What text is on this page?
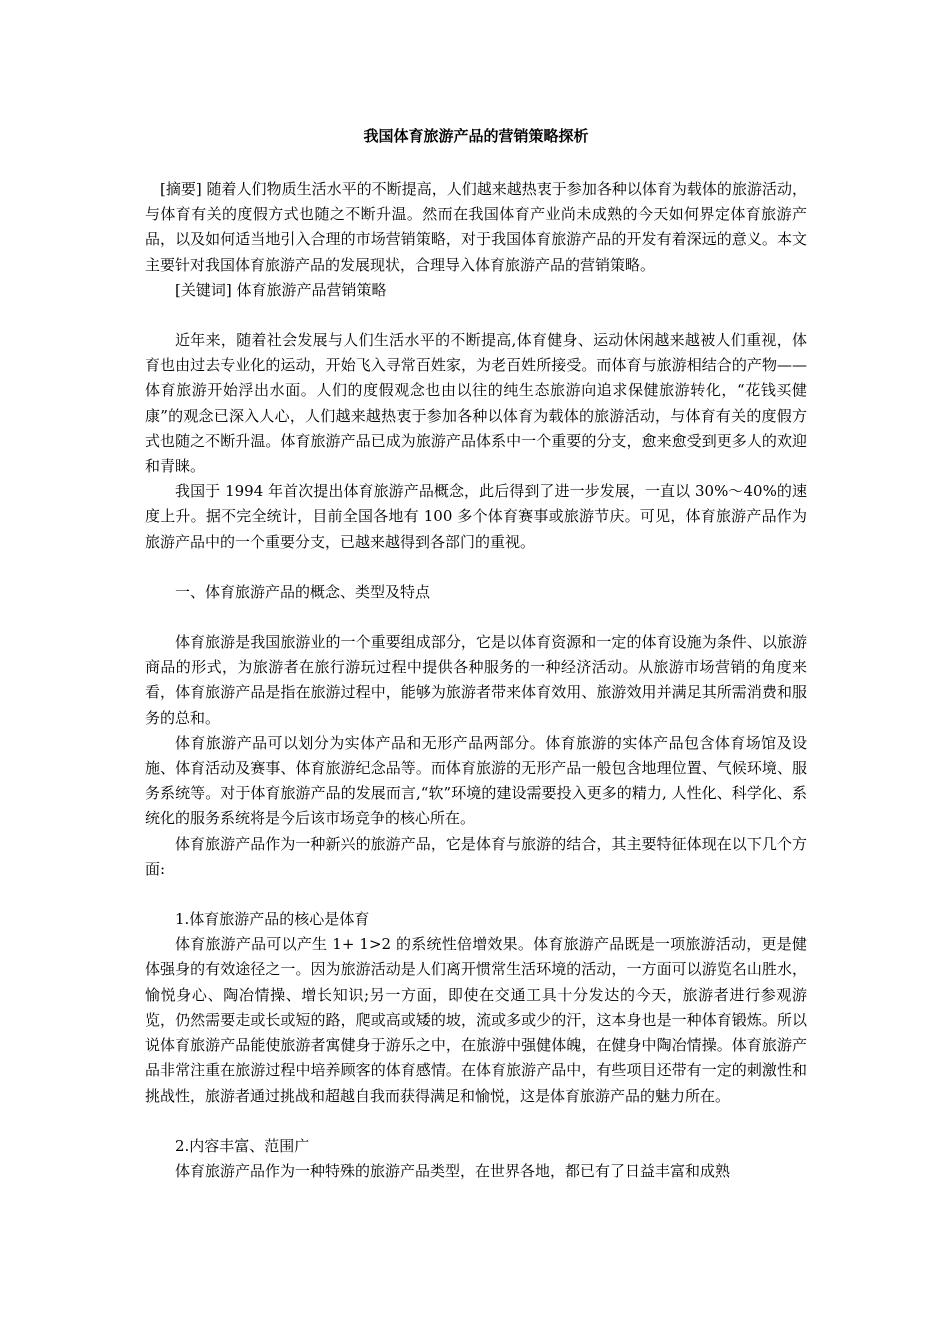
我国体育旅游产品的营销策略探析

[摘要] 随着人们物质生活水平的不断提高，人们越来越热衷于参加各种以体育为载体的旅游活动，与体育有关的度假方式也随之不断升温。然而在我国体育产业尚未成熟的今天如何界定体育旅游产品，以及如何适当地引入合理的市场营销策略，对于我国体育旅游产品的开发有着深远的意义。本文主要针对我国体育旅游产品的发展现状，合理导入体育旅游产品的营销策略。

[关键词] 体育旅游产品营销策略

近年来，随着社会发展与人们生活水平的不断提高,体育健身、运动休闲越来越被人们重视，体育也由过去专业化的运动，开始飞入寻常百姓家，为老百姓所接受。而体育与旅游相结合的产物——体育旅游开始浮出水面。人们的度假观念也由以往的纯生态旅游向追求保健旅游转化，“花钱买健康”的观念已深入人心，人们越来越热衷于参加各种以体育为载体的旅游活动，与体育有关的度假方式也随之不断升温。体育旅游产品已成为旅游产品体系中一个重要的分支，愈来愈受到更多人的欢迎和青睐。

我国于 1994 年首次提出体育旅游产品概念，此后得到了进一步发展，一直以 30%～40%的速度上升。据不完全统计，目前全国各地有 100 多个体育赛事或旅游节庆。可见，体育旅游产品作为旅游产品中的一个重要分支，已越来越得到各部门的重视。

一、体育旅游产品的概念、类型及特点

体育旅游是我国旅游业的一个重要组成部分，它是以体育资源和一定的体育设施为条件、以旅游商品的形式，为旅游者在旅行游玩过程中提供各种服务的一种经济活动。从旅游市场营销的角度来看，体育旅游产品是指在旅游过程中，能够为旅游者带来体育效用、旅游效用并满足其所需消费和服务的总和。

体育旅游产品可以划分为实体产品和无形产品两部分。体育旅游的实体产品包含体育场馆及设施、体育活动及赛事、体育旅游纪念品等。而体育旅游的无形产品一般包含地理位置、气候环境、服务系统等。对于体育旅游产品的发展而言,“软”环境的建设需要投入更多的精力, 人性化、科学化、系统化的服务系统将是今后该市场竞争的核心所在。

体育旅游产品作为一种新兴的旅游产品，它是体育与旅游的结合，其主要特征体现在以下几个方面:

1.体育旅游产品的核心是体育

体育旅游产品可以产生 1+ 1>2 的系统性倍增效果。体育旅游产品既是一项旅游活动，更是健体强身的有效途径之一。因为旅游活动是人们离开惯常生活环境的活动，一方面可以游览名山胜水，愉悦身心、陶冶情操、增长知识;另一方面，即使在交通工具十分发达的今天，旅游者进行参观游览，仍然需要走或长或短的路，爬或高或矮的坡，流或多或少的汗，这本身也是一种体育锻炼。所以说体育旅游产品能使旅游者寓健身于游乐之中，在旅游中强健体魄，在健身中陶冶情操。体育旅游产品非常注重在旅游过程中培养顾客的体育感情。在体育旅游产品中，有些项目还带有一定的刺激性和挑战性，旅游者通过挑战和超越自我而获得满足和愉悦，这是体育旅游产品的魅力所在。

2.内容丰富、范围广

体育旅游产品作为一种特殊的旅游产品类型，在世界各地，都已有了日益丰富和成熟
